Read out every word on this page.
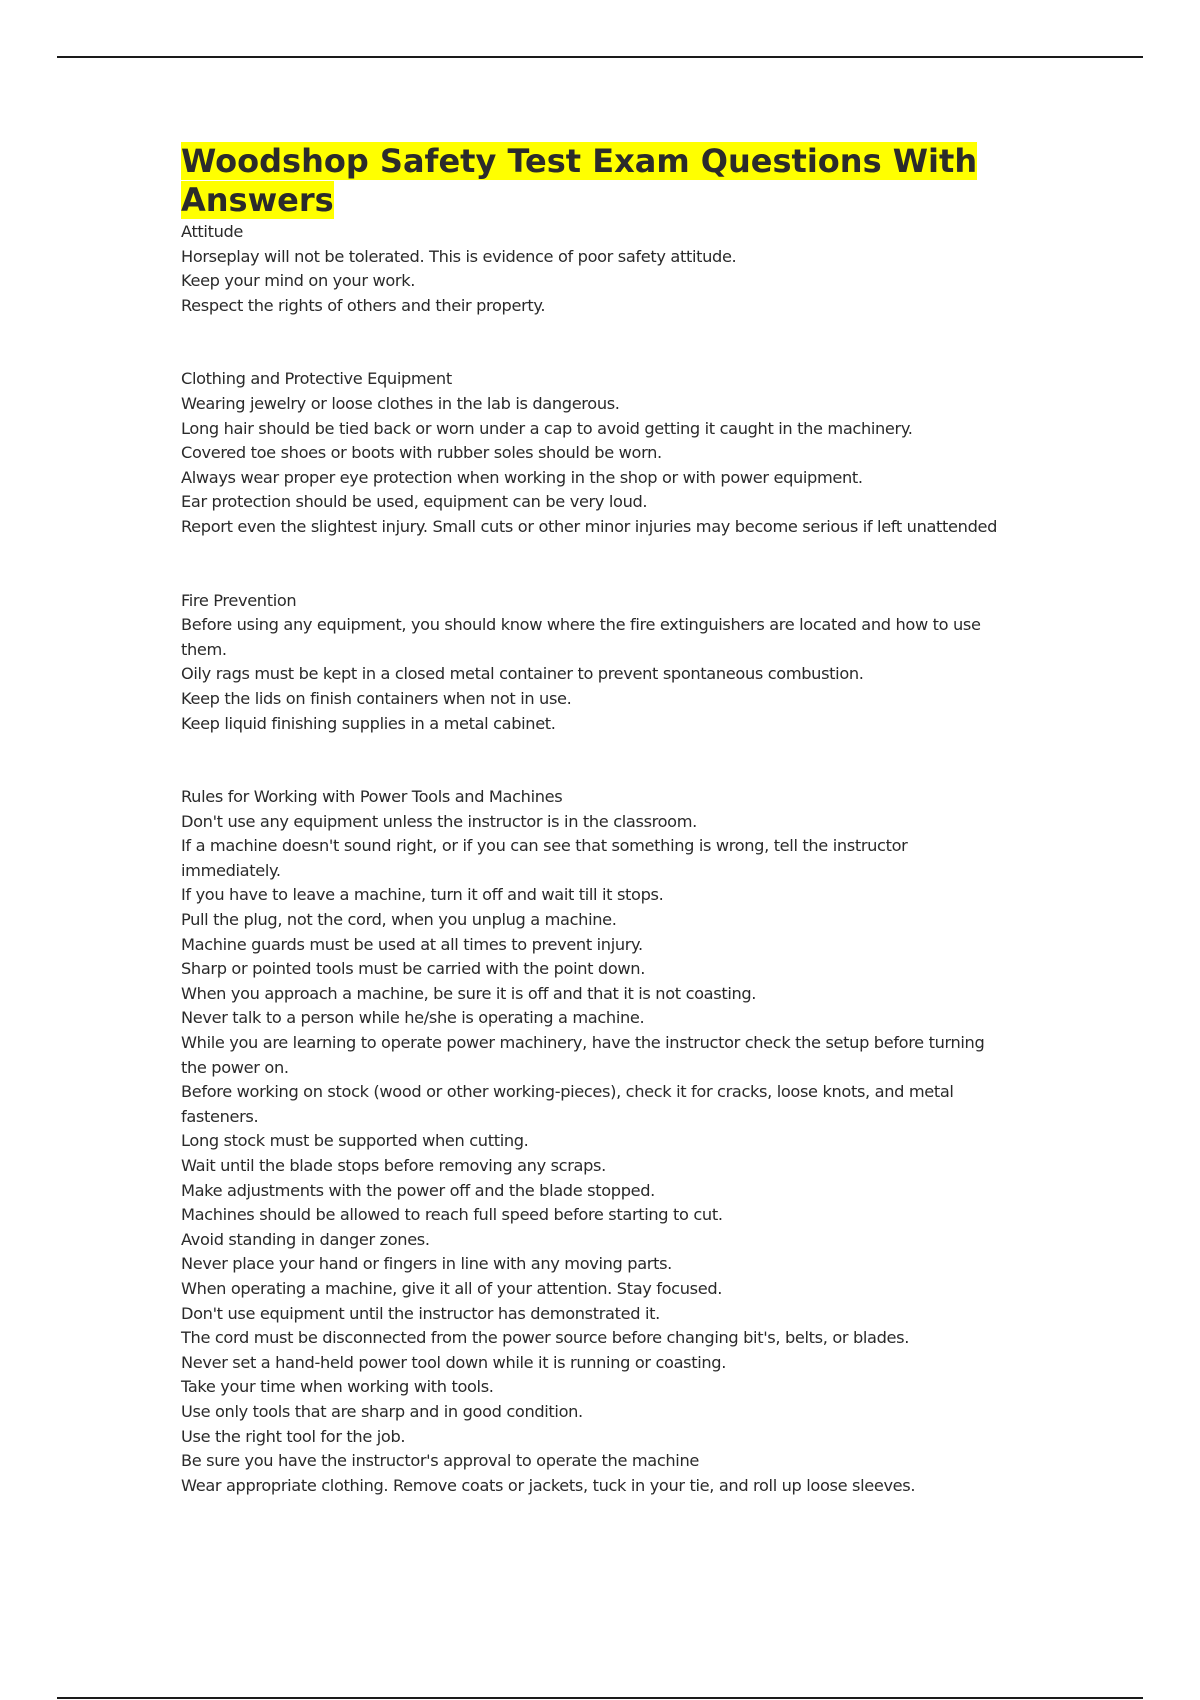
Woodshop Safety Test Exam Questions With Answers

Attitude

Horseplay will not be tolerated. This is evidence of poor safety attitude.

Keep your mind on your work.

Respect the rights of others and their property.

Clothing and Protective Equipment

Wearing jewelry or loose clothes in the lab is dangerous.

Long hair should be tied back or worn under a cap to avoid getting it caught in the machinery.

Covered toe shoes or boots with rubber soles should be worn.

Always wear proper eye protection when working in the shop or with power equipment.

Ear protection should be used, equipment can be very loud.

Report even the slightest injury. Small cuts or other minor injuries may become serious if left unattended

Fire Prevention

Before using any equipment, you should know where the fire extinguishers are located and how to use them.

Oily rags must be kept in a closed metal container to prevent spontaneous combustion.

Keep the lids on finish containers when not in use.

Keep liquid finishing supplies in a metal cabinet.

Rules for Working with Power Tools and Machines

Don't use any equipment unless the instructor is in the classroom.

If a machine doesn't sound right, or if you can see that something is wrong, tell the instructor immediately.

If you have to leave a machine, turn it off and wait till it stops.

Pull the plug, not the cord, when you unplug a machine.

Machine guards must be used at all times to prevent injury.

Sharp or pointed tools must be carried with the point down.

When you approach a machine, be sure it is off and that it is not coasting.

Never talk to a person while he/she is operating a machine.

While you are learning to operate power machinery, have the instructor check the setup before turning the power on.

Before working on stock (wood or other working-pieces), check it for cracks, loose knots, and metal fasteners.

Long stock must be supported when cutting.

Wait until the blade stops before removing any scraps.

Make adjustments with the power off and the blade stopped.

Machines should be allowed to reach full speed before starting to cut.

Avoid standing in danger zones.

Never place your hand or fingers in line with any moving parts.

When operating a machine, give it all of your attention. Stay focused.

Don't use equipment until the instructor has demonstrated it.

The cord must be disconnected from the power source before changing bit's, belts, or blades.

Never set a hand-held power tool down while it is running or coasting.

Take your time when working with tools.

Use only tools that are sharp and in good condition.

Use the right tool for the job.

Be sure you have the instructor's approval to operate the machine

Wear appropriate clothing. Remove coats or jackets, tuck in your tie, and roll up loose sleeves.
